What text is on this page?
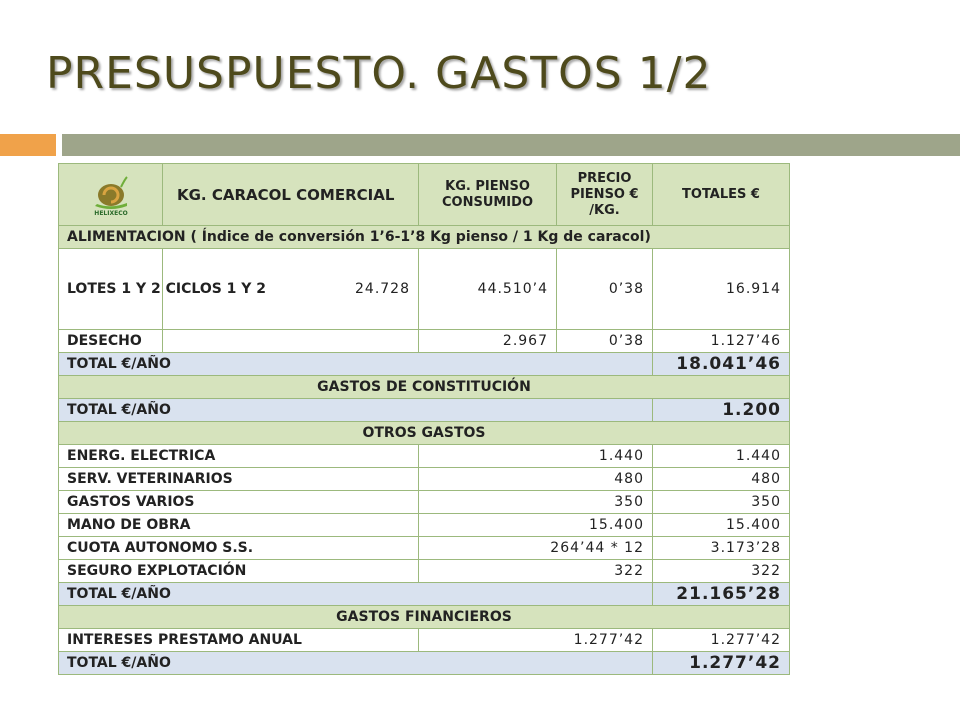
PRESUSPUESTO. GASTOS 1/2
HELIXECO	KG. CARACOL COMERCIAL	KG. PIENSO CONSUMIDO	PRECIO PIENSO € /KG.	TOTALES €
ALIMENTACION ( Índice de conversión 1’6-1’8 Kg pienso / 1 Kg de caracol)				
LOTES 1 Y 2 CICLOS 1 Y 2	24.728	44.510’4	0’38	16.914
DESECHO		2.967	0’38	1.127’46
TOTAL €/AÑO				18.041’46
GASTOS DE CONSTITUCIÓN				
TOTAL €/AÑO				1.200
OTROS GASTOS				
ENERG. ELECTRICA		1.440		1.440
SERV. VETERINARIOS		480		480
GASTOS VARIOS		350		350
MANO DE OBRA		15.400		15.400
CUOTA AUTONOMO S.S.		264’44 * 12		3.173’28
SEGURO EXPLOTACIÓN		322		322
TOTAL €/AÑO				21.165’28
GASTOS FINANCIEROS				
INTERESES PRESTAMO ANUAL		1.277’42		1.277’42
TOTAL €/AÑO				1.277’42
